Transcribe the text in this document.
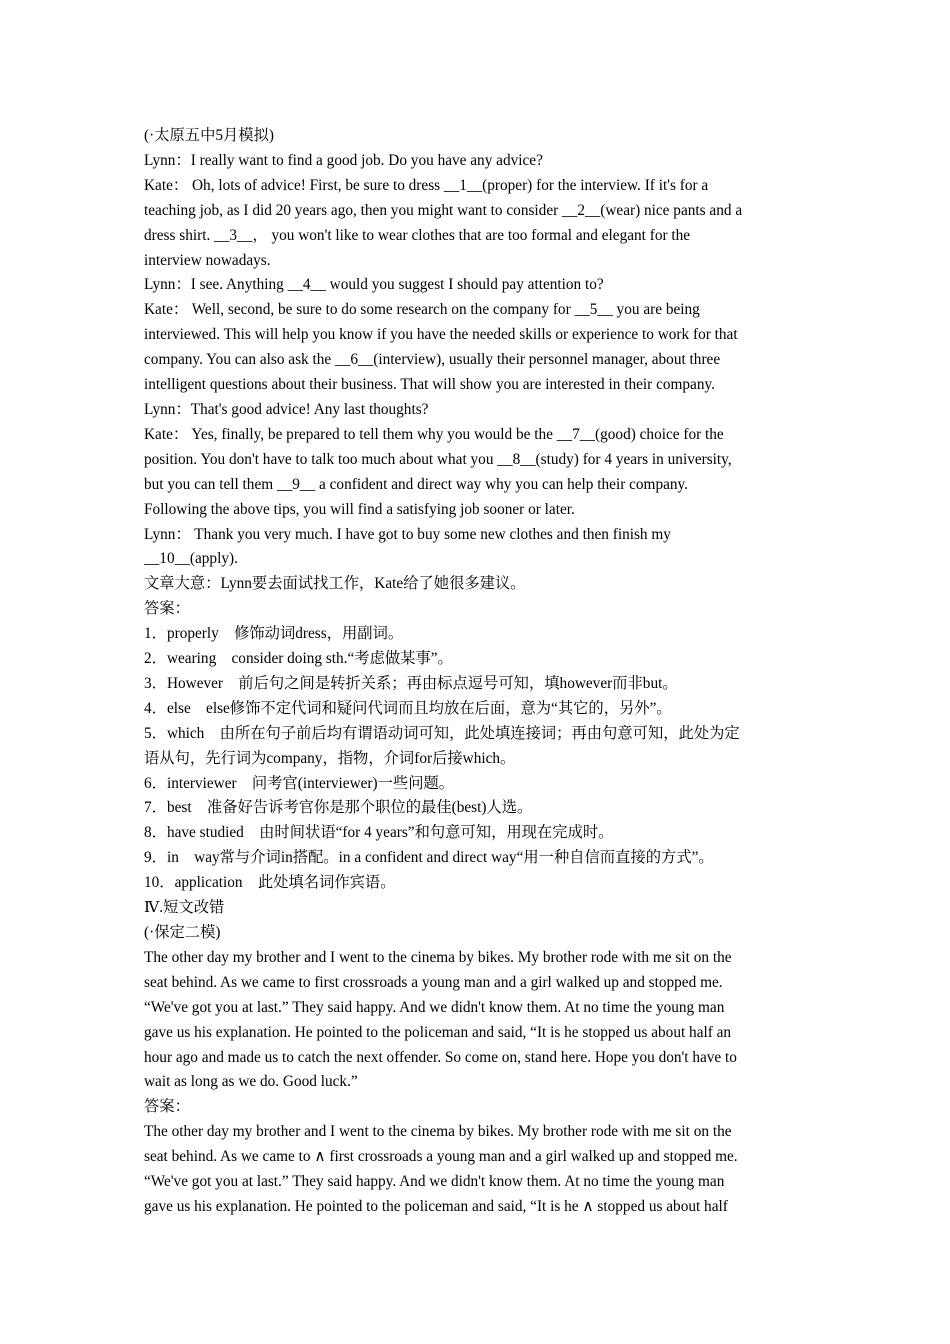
(·太原五中5月模拟)
Lynn：I really want to find a good job. Do you have any advice?
Kate： Oh, lots of advice! First, be sure to dress __1__(proper) for the interview. If it's for a
teaching job, as I did 20 years ago, then you might want to consider __2__(wear) nice pants and a
dress shirt. __3__， you won't like to wear clothes that are too formal and elegant for the
interview nowadays.
Lynn：I see. Anything __4__ would you suggest I should pay attention to?
Kate： Well, second, be sure to do some research on the company for __5__ you are being
interviewed. This will help you know if you have the needed skills or experience to work for that
company. You can also ask the __6__(interview), usually their personnel manager, about three
intelligent questions about their business. That will show you are interested in their company.
Lynn：That's good advice! Any last thoughts?
Kate： Yes, finally, be prepared to tell them why you would be the __7__(good) choice for the
position. You don't have to talk too much about what you __8__(study) for 4 years in university,
but you can tell them __9__ a confident and direct way why you can help their company.
Following the above tips, you will find a satisfying job sooner or later.
Lynn： Thank you very much. I have got to buy some new clothes and then finish my
__10__(apply).
文章大意：Lynn要去面试找工作，Kate给了她很多建议。
答案：
1．properly　修饰动词dress，用副词。
2．wearing　consider doing sth.“考虑做某事”。
3．However　前后句之间是转折关系；再由标点逗号可知，填however而非but。
4．else　else修饰不定代词和疑问代词而且均放在后面，意为“其它的，另外”。
5．which　由所在句子前后均有谓语动词可知，此处填连接词；再由句意可知，此处为定
语从句，先行词为company，指物，介词for后接which。
6．interviewer　问考官(interviewer)一些问题。
7．best　准备好告诉考官你是那个职位的最佳(best)人选。
8．have studied　由时间状语“for 4 years”和句意可知，用现在完成时。
9．in　way常与介词in搭配。in a confident and direct way“用一种自信而直接的方式”。
10．application　此处填名词作宾语。
Ⅳ.短文改错
(·保定二模)
The other day my brother and I went to the cinema by bikes. My brother rode with me sit on the
seat behind. As we came to first crossroads a young man and a girl walked up and stopped me.
“We've got you at last.” They said happy. And we didn't know them. At no time the young man
gave us his explanation. He pointed to the policeman and said, “It is he stopped us about half an
hour ago and made us to catch the next offender. So come on, stand here. Hope you don't have to
wait as long as we do. Good luck.”
答案：
The other day my brother and I went to the cinema by bikes. My brother rode with me sit on the
seat behind. As we came to ∧ first crossroads a young man and a girl walked up and stopped me.
“We've got you at last.” They said happy. And we didn't know them. At no time the young man
gave us his explanation. He pointed to the policeman and said, “It is he ∧ stopped us about half
